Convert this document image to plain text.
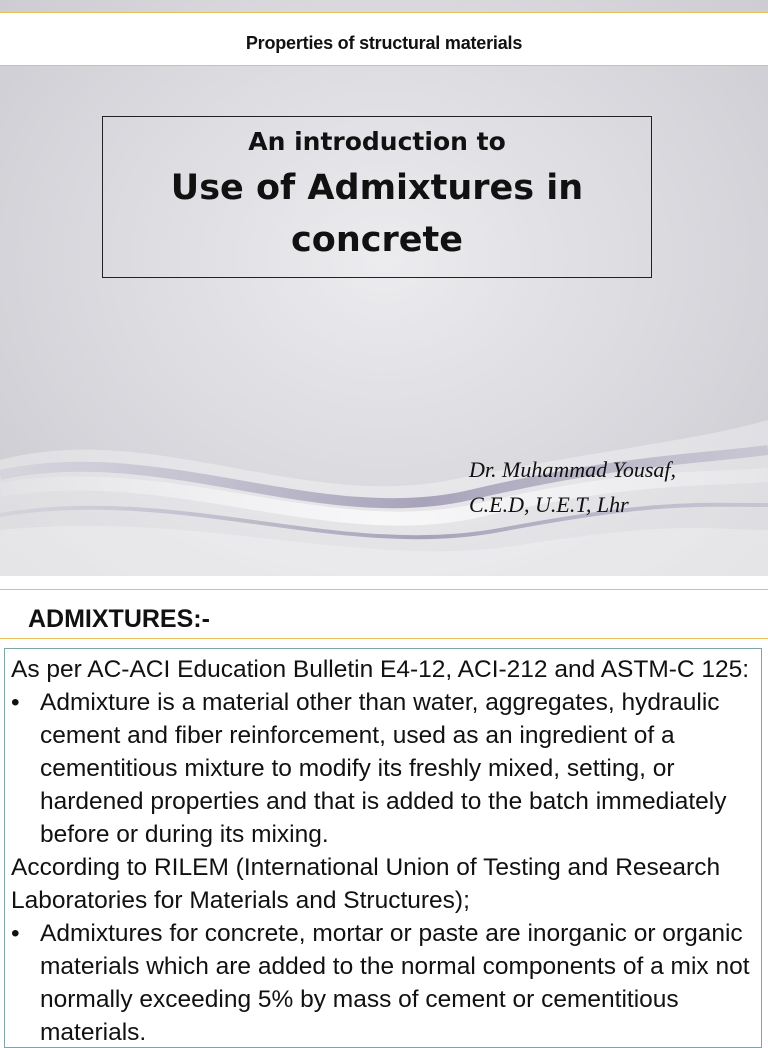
Properties of structural materials
An introduction to
Use of Admixtures in concrete
Dr. Muhammad Yousaf,
C.E.D, U.E.T, Lhr
ADMIXTURES:-

As per AC-ACI Education Bulletin E4-12, ACI-212 and ASTM-C 125:

• Admixture is a material other than water, aggregates, hydraulic cement and fiber reinforcement, used as an ingredient of a cementitious mixture to modify its freshly mixed, setting, or hardened properties and that is added to the batch immediately before or during its mixing.

According to RILEM (International Union of Testing and Research Laboratories for Materials and Structures);

• Admixtures for concrete, mortar or paste are inorganic or organic materials which are added to the normal components of a mix not normally exceeding 5% by mass of cement or cementitious materials.
